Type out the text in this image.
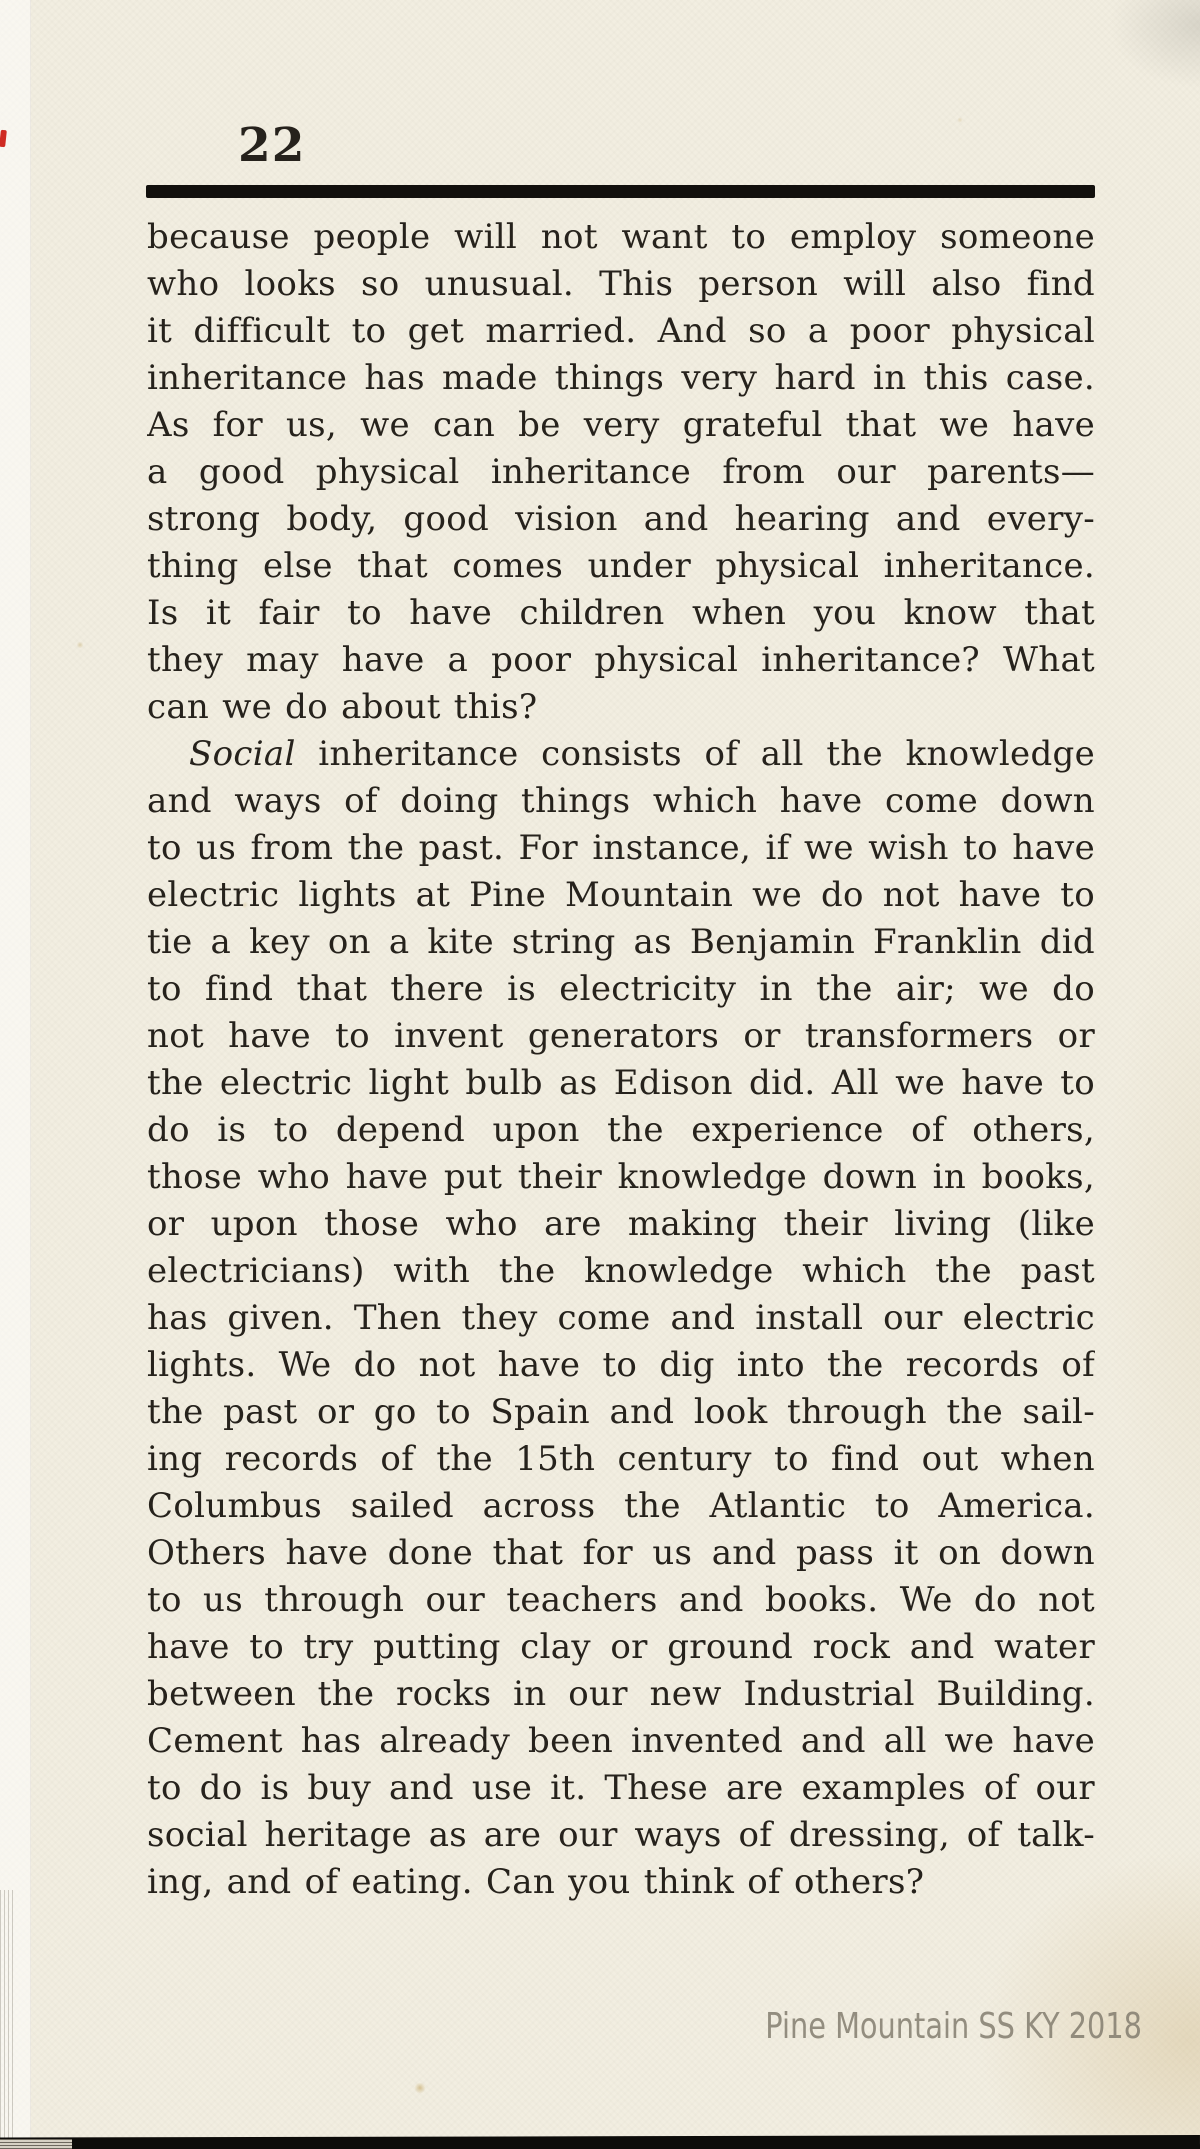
22
because people will not want to employ someone
who looks so unusual. This person will also find
it difficult to get married. And so a poor physical
inheritance has made things very hard in this case.
As for us, we can be very grateful that we have
a good physical inheritance from our parents—
strong body, good vision and hearing and every-
thing else that comes under physical inheritance.
Is it fair to have children when you know that
they may have a poor physical inheritance? What
can we do about this?
Social inheritance consists of all the knowledge
and ways of doing things which have come down
to us from the past. For instance, if we wish to have
electric lights at Pine Mountain we do not have to
tie a key on a kite string as Benjamin Franklin did
to find that there is electricity in the air; we do
not have to invent generators or transformers or
the electric light bulb as Edison did. All we have to
do is to depend upon the experience of others,
those who have put their knowledge down in books,
or upon those who are making their living (like
electricians) with the knowledge which the past
has given. Then they come and install our electric
lights. We do not have to dig into the records of
the past or go to Spain and look through the sail-
ing records of the 15th century to find out when
Columbus sailed across the Atlantic to America.
Others have done that for us and pass it on down
to us through our teachers and books. We do not
have to try putting clay or ground rock and water
between the rocks in our new Industrial Building.
Cement has already been invented and all we have
to do is buy and use it. These are examples of our
social heritage as are our ways of dressing, of talk-
ing, and of eating. Can you think of others?
Pine Mountain SS KY 2018
